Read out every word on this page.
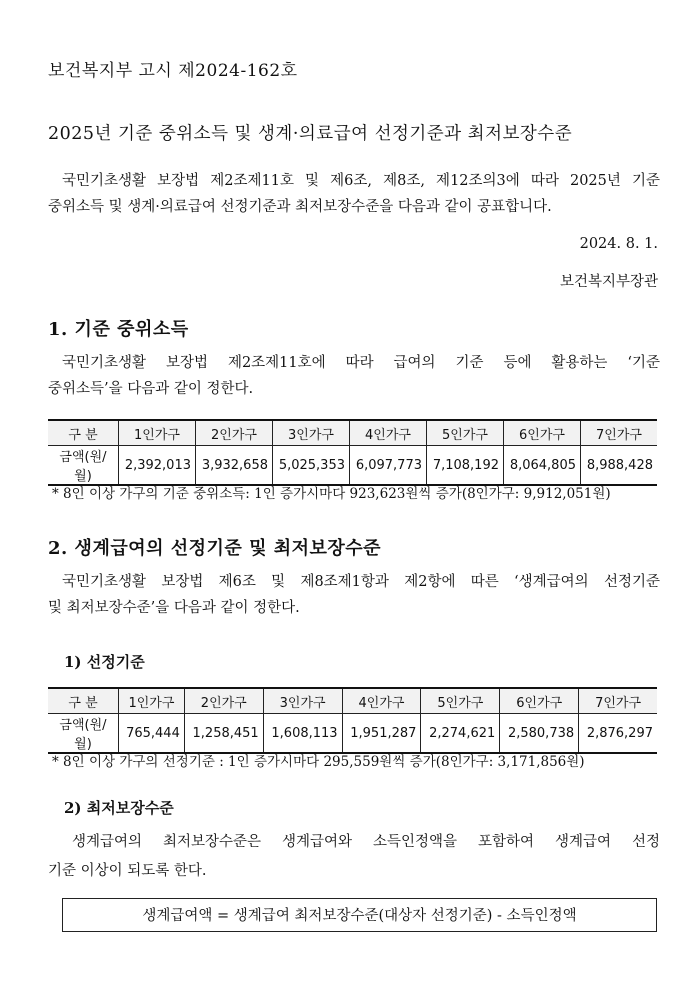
보건복지부 고시 제2024-162호
2025년 기준 중위소득 및 생계·의료급여 선정기준과 최저보장수준
국민기초생활 보장법 제2조제11호 및 제6조, 제8조, 제12조의3에 따라 2025년 기준
중위소득 및 생계·의료급여 선정기준과 최저보장수준을 다음과 같이 공표합니다.
2024. 8. 1.
보건복지부장관
1. 기준 중위소득
국민기초생활 보장법 제2조제11호에 따라 급여의 기준 등에 활용하는 ‘기준
중위소득’을 다음과 같이 정한다.
구 분	1인가구	2인가구	3인가구	4인가구	5인가구	6인가구	7인가구
금액(원/월)	2,392,013	3,932,658	5,025,353	6,097,773	7,108,192	8,064,805	8,988,428
* 8인 이상 가구의 기준 중위소득: 1인 증가시마다 923,623원씩 증가(8인가구: 9,912,051원)
2. 생계급여의 선정기준 및 최저보장수준
국민기초생활 보장법 제6조 및 제8조제1항과 제2항에 따른 ‘생계급여의 선정기준
및 최저보장수준’을 다음과 같이 정한다.
1) 선정기준
구 분	1인가구	2인가구	3인가구	4인가구	5인가구	6인가구	7인가구
금액(원/월)	765,444	1,258,451	1,608,113	1,951,287	2,274,621	2,580,738	2,876,297
* 8인 이상 가구의 선정기준 : 1인 증가시마다 295,559원씩 증가(8인가구: 3,171,856원)
2) 최저보장수준
생계급여의 최저보장수준은 생계급여와 소득인정액을 포함하여 생계급여 선정
기준 이상이 되도록 한다.
생계급여액 = 생계급여 최저보장수준(대상자 선정기준) - 소득인정액
